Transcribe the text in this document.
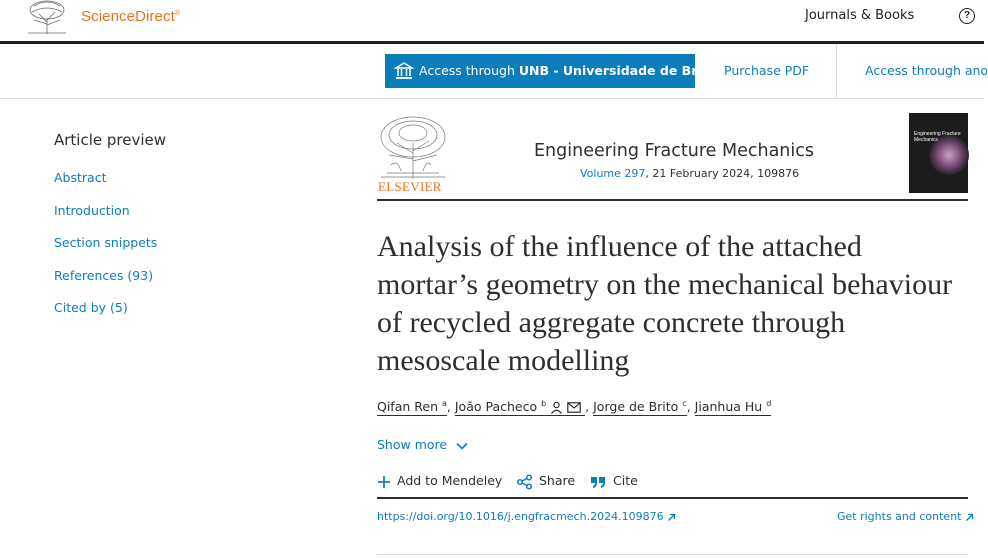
ScienceDirect®	Journals & Books	?
Access through UNB - Universidade de Bra... Purchase PDF	Access through ano
Article preview
Abstract
Introduction
Section snippets
References (93)
Cited by (5)
ELSEVIER
Engineering Fracture Mechanics
Volume 297, 21 February 2024, 109876
Engineering Fracture Mechanics
Analysis of the influence of the attached mortar’s geometry on the mechanical behaviour of recycled aggregate concrete through mesoscale modelling
Qifan Ren $^a$, João Pacheco $^b$	, Jorge de Brito $^c$, Jianhua Hu $^d$
Show more
Add to Mendeley	Share	Cite
https://doi.org/10.1016/j.engfracmech.2024.109876	Get rights and content
